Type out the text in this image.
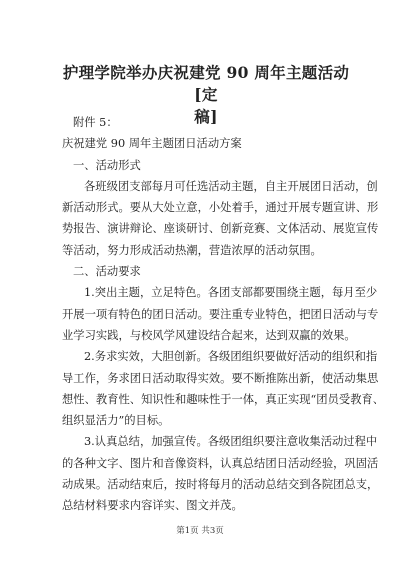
护理学院举办庆祝建党 90 周年主题活动[定
稿]
附件 5：
庆祝建党 90 周年主题团日活动方案
一、活动形式
各班级团支部每月可任选活动主题，自主开展团日活动，创
新活动形式。要从大处立意，小处着手，通过开展专题宣讲、形
势报告、演讲辩论、座谈研讨、创新竞赛、文体活动、展览宣传
等活动，努力形成活动热潮，营造浓厚的活动氛围。
二、活动要求
1.突出主题，立足特色。各团支部都要围绕主题，每月至少
开展一项有特色的团日活动。要注重专业特色，把团日活动与专
业学习实践，与校风学风建设结合起来，达到双赢的效果。
2.务求实效，大胆创新。各级团组织要做好活动的组织和指
导工作，务求团日活动取得实效。要不断推陈出新，使活动集思
想性、教育性、知识性和趣味性于一体，真正实现“团员受教育、
组织显活力”的目标。
3.认真总结，加强宣传。各级团组织要注意收集活动过程中
的各种文字、图片和音像资料，认真总结团日活动经验，巩固活
动成果。活动结束后，按时将每月的活动总结交到各院团总支，
总结材料要求内容详实、图文并茂。
第1页 共3页
